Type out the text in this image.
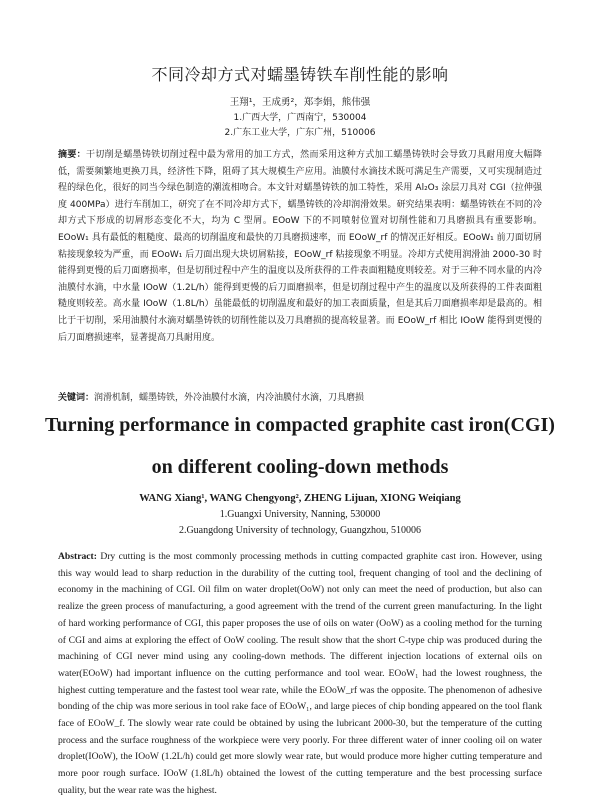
不同冷却方式对蠕墨铸铁车削性能的影响
王翔¹，王成勇²，郑李娟，熊伟强
1.广西大学，广西南宁，530004
2.广东工业大学，广东广州，510006
摘要：干切削是蠕墨铸铁切削过程中最为常用的加工方式，然而采用这种方式加工蠕墨铸铁时会导致刀具耐用度大幅降低，需要频繁地更换刀具，经济性下降，阻碍了其大规模生产应用。油膜付水滴技术既可满足生产需要，又可实现制造过程的绿色化，很好的同当今绿色制造的潮流相吻合。本文针对蠕墨铸铁的加工特性，采用 Al₂O₃ 涂层刀具对 CGI（拉伸强度 400MPa）进行车削加工，研究了在不同冷却方式下，蠕墨铸铁的冷却润滑效果。研究结果表明：蠕墨铸铁在不同的冷却方式下形成的切屑形态变化不大，均为 C 型屑。EOoW 下的不同喷射位置对切削性能和刀具磨损具有重要影响。EOoW₁ 具有最低的粗糙度、最高的切削温度和最快的刀具磨损速率，而 EOoW_rf 的情况正好相反。EOoW₁ 前刀面切屑粘接现象较为严重，而 EOoW₁ 后刀面出现大块切屑粘接，EOoW_rf 粘接现象不明显。冷却方式使用润滑油 2000-30 时能得到更慢的后刀面磨损率，但是切削过程中产生的温度以及所获得的工件表面粗糙度则较差。对于三种不同水量的内冷油膜付水滴，中水量 IOoW（1.2L/h）能得到更慢的后刀面磨损率，但是切削过程中产生的温度以及所获得的工件表面粗糙度则较差。高水量 IOoW（1.8L/h）虽能最低的切削温度和最好的加工表面质量，但是其后刀面磨损率却是最高的。相比于干切削，采用油膜付水滴对蠕墨铸铁的切削性能以及刀具磨损的提高较显著。而 EOoW_rf 相比 IOoW 能得到更慢的后刀面磨损速率，显著提高刀具耐用度。
关键词：润滑机制，蠕墨铸铁，外冷油膜付水滴，内冷油膜付水滴，刀具磨损
Turning performance in compacted graphite cast iron(CGI)
on different cooling-down methods
WANG Xiang¹, WANG Chengyong², ZHENG Lijuan, XIONG Weiqiang
1.Guangxi University, Nanning, 530000
2.Guangdong University of technology, Guangzhou, 510006
Abstract: Dry cutting is the most commonly processing methods in cutting compacted graphite cast iron. However, using this way would lead to sharp reduction in the durability of the cutting tool, frequent changing of tool and the declining of economy in the machining of CGI. Oil film on water droplet(OoW) not only can meet the need of production, but also can realize the green process of manufacturing, a good agreement with the trend of the current green manufacturing. In the light of hard working performance of CGI, this paper proposes the use of oils on water (OoW) as a cooling method for the turning of CGI and aims at exploring the effect of OoW cooling. The result show that the short C-type chip was produced during the machining of CGI never mind using any cooling-down methods. The different injection locations of external oils on water(EOoW) had important influence on the cutting performance and tool wear. EOoW₁ had the lowest roughness, the highest cutting temperature and the fastest tool wear rate, while the EOoW_rf was the opposite. The phenomenon of adhesive bonding of the chip was more serious in tool rake face of EOoW₁, and large pieces of chip bonding appeared on the tool flank face of EOoW_f. The slowly wear rate could be obtained by using the lubricant 2000-30, but the temperature of the cutting process and the surface roughness of the workpiece were very poorly. For three different water of inner cooling oil on water droplet(IOoW), the IOoW (1.2L/h) could get more slowly wear rate, but would produce more higher cutting temperature and more poor rough surface. IOoW (1.8L/h) obtained the lowest of the cutting temperature and the best processing surface quality, but the wear rate was the highest.
